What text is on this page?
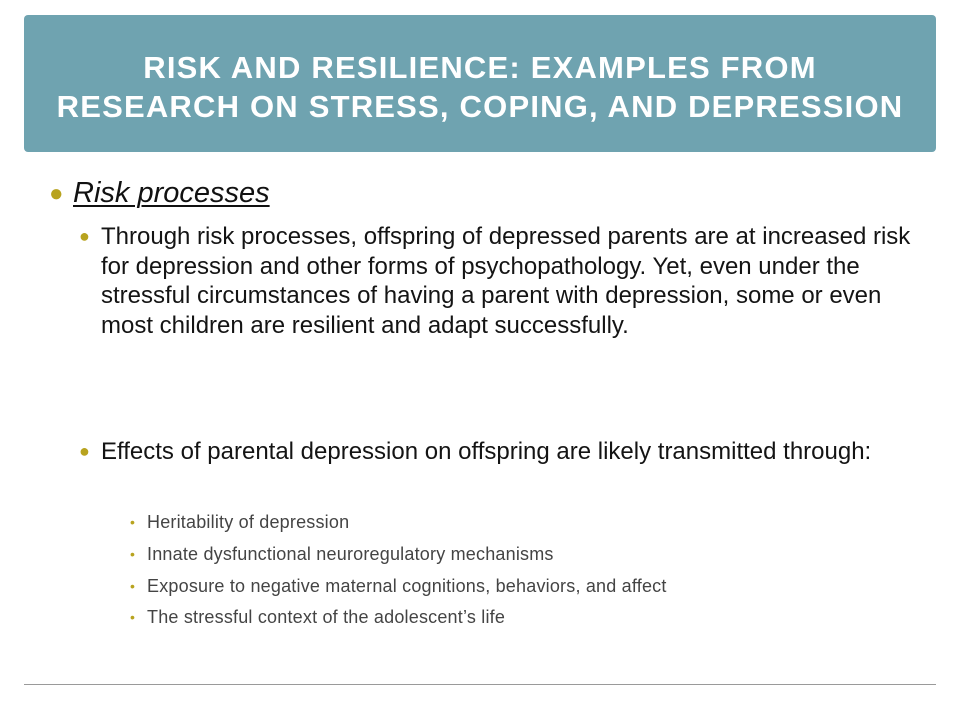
RISK AND RESILIENCE: EXAMPLES FROM RESEARCH ON STRESS, COPING, AND DEPRESSION
● Risk processes

● Through risk processes, offspring of depressed parents are at increased risk for depression and other forms of psychopathology. Yet, even under the stressful circumstances of having a parent with depression, some or even most children are resilient and adapt successfully.

● Effects of parental depression on offspring are likely transmitted through:

• Heritability of depression

• Innate dysfunctional neuroregulatory mechanisms

• Exposure to negative maternal cognitions, behaviors, and affect

• The stressful context of the adolescent’s life
